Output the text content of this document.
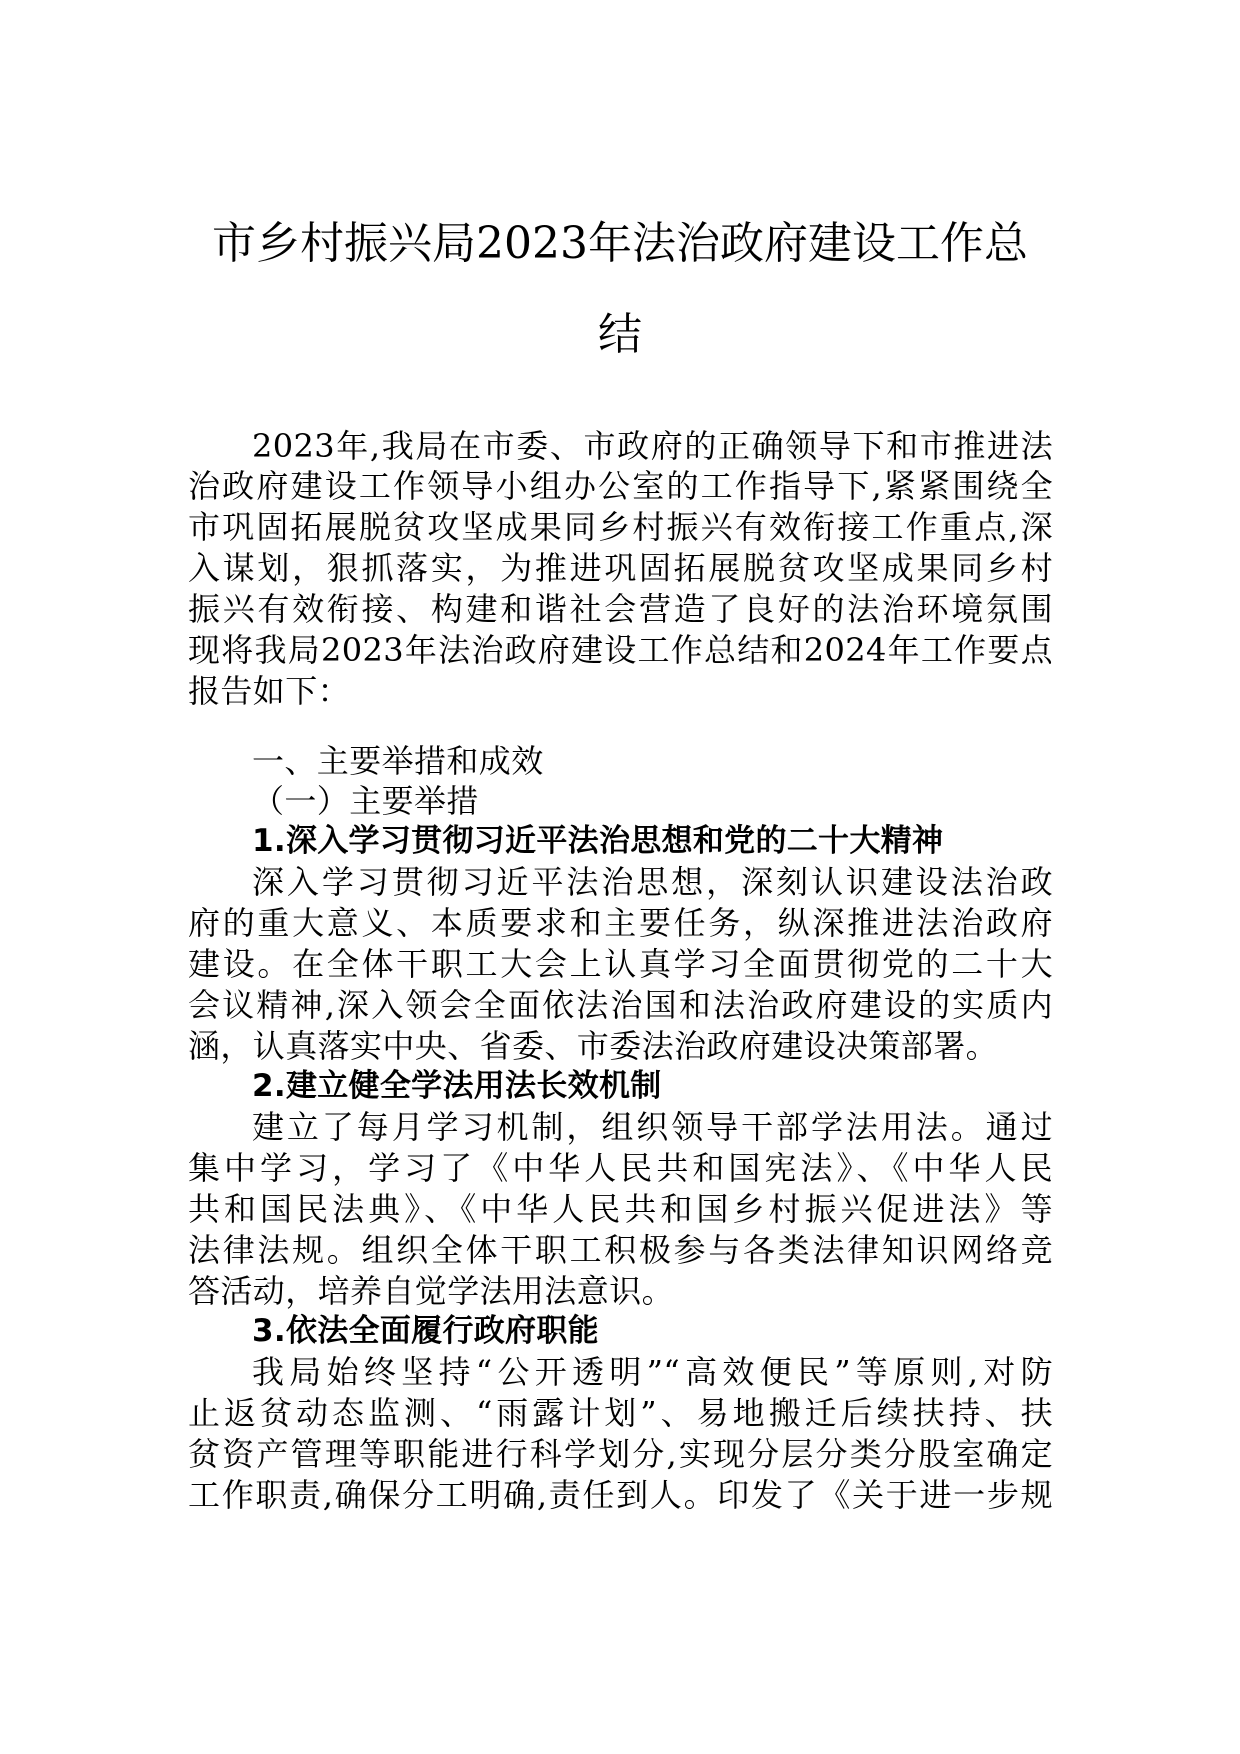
市乡村振兴局2023年法治政府建设工作总
结
2023年,我局在市委、市政府的正确领导下和市推进法
治政府建设工作领导小组办公室的工作指导下,紧紧围绕全
市巩固拓展脱贫攻坚成果同乡村振兴有效衔接工作重点,深
入谋划，狠抓落实，为推进巩固拓展脱贫攻坚成果同乡村
振兴有效衔接、构建和谐社会营造了良好的法治环境氛围
现将我局2023年法治政府建设工作总结和2024年工作要点
报告如下：
一、主要举措和成效
（一）主要举措
1.深入学习贯彻习近平法治思想和党的二十大精神
深入学习贯彻习近平法治思想，深刻认识建设法治政
府的重大意义、本质要求和主要任务，纵深推进法治政府
建设。在全体干职工大会上认真学习全面贯彻党的二十大
会议精神,深入领会全面依法治国和法治政府建设的实质内
涵，认真落实中央、省委、市委法治政府建设决策部署。
2.建立健全学法用法长效机制
建立了每月学习机制，组织领导干部学法用法。通过
集中学习，学习了《中华人民共和国宪法》、《中华人民
共和国民法典》、《中华人民共和国乡村振兴促进法》等
法律法规。组织全体干职工积极参与各类法律知识网络竞
答活动，培养自觉学法用法意识。
3.依法全面履行政府职能
我局始终坚持“公开透明”“高效便民”等原则,对防
止返贫动态监测、“雨露计划”、易地搬迁后续扶持、扶
贫资产管理等职能进行科学划分,实现分层分类分股室确定
工作职责,确保分工明确,责任到人。印发了《关于进一步规
